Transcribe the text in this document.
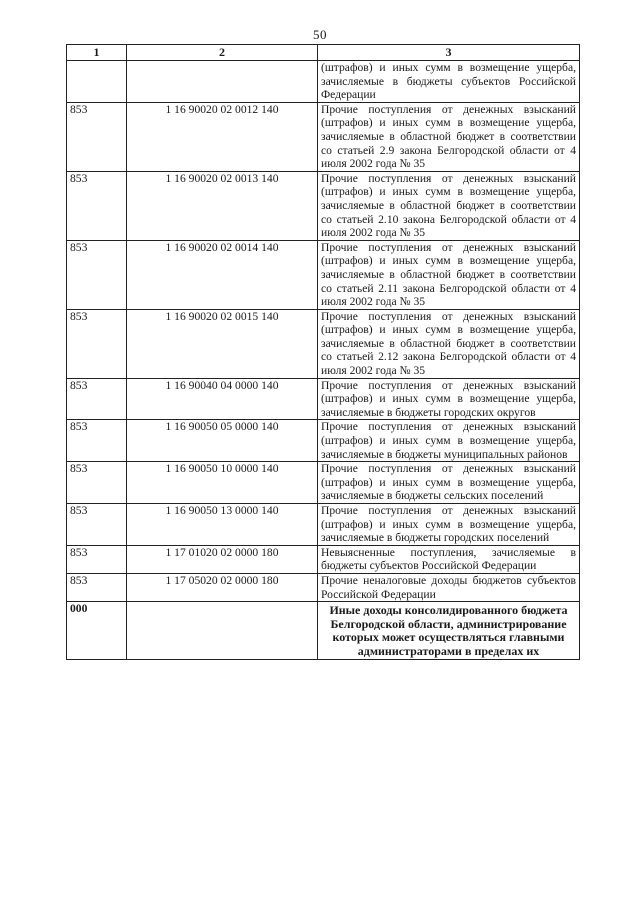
50
1	2	3
		(штрафов) и иных сумм в возмещение ущерба, зачисляемые в бюджеты субъектов Российской Федерации
853	1 16 90020 02 0012 140	Прочие поступления от денежных взысканий (штрафов) и иных сумм в возмещение ущерба, зачисляемые в областной бюджет в соответствии со статьей 2.9 закона Белгородской области от 4 июля 2002 года № 35
853	1 16 90020 02 0013 140	Прочие поступления от денежных взысканий (штрафов) и иных сумм в возмещение ущерба, зачисляемые в областной бюджет в соответствии со статьей 2.10 закона Белгородской области от 4 июля 2002 года № 35
853	1 16 90020 02 0014 140	Прочие поступления от денежных взысканий (штрафов) и иных сумм в возмещение ущерба, зачисляемые в областной бюджет в соответствии со статьей 2.11 закона Белгородской области от 4 июля 2002 года № 35
853	1 16 90020 02 0015 140	Прочие поступления от денежных взысканий (штрафов) и иных сумм в возмещение ущерба, зачисляемые в областной бюджет в соответствии со статьей 2.12 закона Белгородской области от 4 июля 2002 года № 35
853	1 16 90040 04 0000 140	Прочие поступления от денежных взысканий (штрафов) и иных сумм в возмещение ущерба, зачисляемые в бюджеты городских округов
853	1 16 90050 05 0000 140	Прочие поступления от денежных взысканий (штрафов) и иных сумм в возмещение ущерба, зачисляемые в бюджеты муниципальных районов
853	1 16 90050 10 0000 140	Прочие поступления от денежных взысканий (штрафов) и иных сумм в возмещение ущерба, зачисляемые в бюджеты сельских поселений
853	1 16 90050 13 0000 140	Прочие поступления от денежных взысканий (штрафов) и иных сумм в возмещение ущерба, зачисляемые в бюджеты городских поселений
853	1 17 01020 02 0000 180	Невыясненные поступления, зачисляемые в бюджеты субъектов Российской Федерации
853	1 17 05020 02 0000 180	Прочие неналоговые доходы бюджетов субъектов Российской Федерации
000		Иные доходы консолидированного бюджета Белгородской области, администрирование которых может осуществляться главными администраторами в пределах их
